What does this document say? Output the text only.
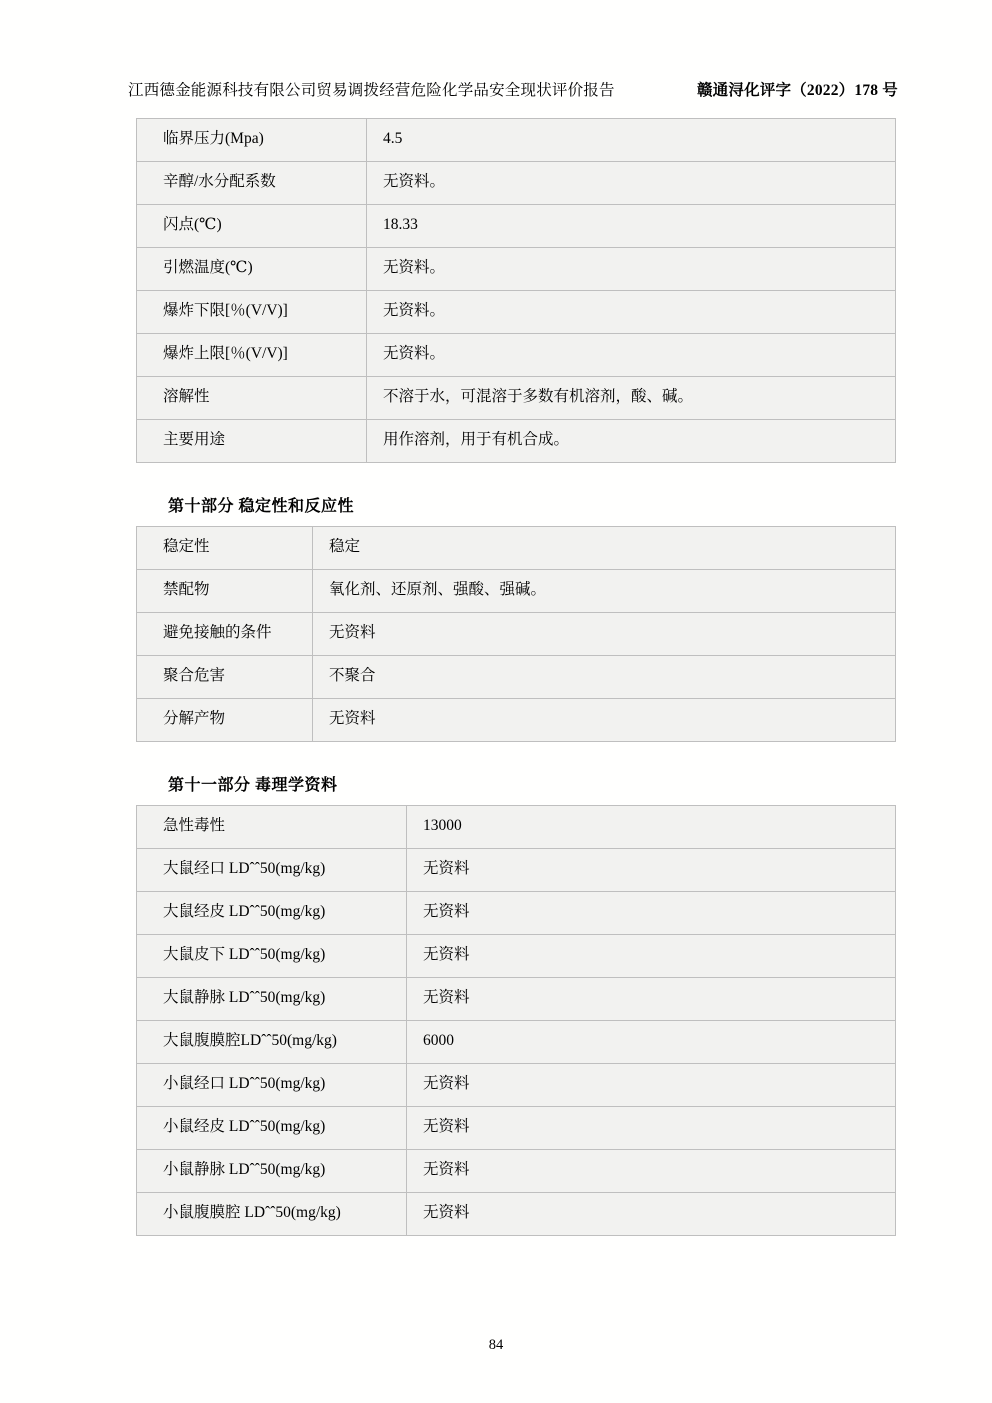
江西德金能源科技有限公司贸易调拨经营危险化学品安全现状评价报告	赣通浔化评字（2022）178 号
临界压力(Mpa)	4.5
辛醇/水分配系数	无资料。
闪点(℃)	18.33
引燃温度(℃)	无资料。
爆炸下限[％(V/V)]	无资料。
爆炸上限[％(V/V)]	无资料。
溶解性	不溶于水，可混溶于多数有机溶剂，酸、碱。
主要用途	用作溶剂，用于有机合成。
第十部分 稳定性和反应性
稳定性	稳定
禁配物	氧化剂、还原剂、强酸、强碱。
避免接触的条件	无资料
聚合危害	不聚合
分解产物	无资料
第十一部分 毒理学资料
急性毒性	13000
大鼠经口 LDˆˆ50(mg/kg)	无资料
大鼠经皮 LDˆˆ50(mg/kg)	无资料
大鼠皮下 LDˆˆ50(mg/kg)	无资料
大鼠静脉 LDˆˆ50(mg/kg)	无资料
大鼠腹膜腔LDˆˆ50(mg/kg)	6000
小鼠经口 LDˆˆ50(mg/kg)	无资料
小鼠经皮 LDˆˆ50(mg/kg)	无资料
小鼠静脉 LDˆˆ50(mg/kg)	无资料
小鼠腹膜腔 LDˆˆ50(mg/kg)	无资料
84
